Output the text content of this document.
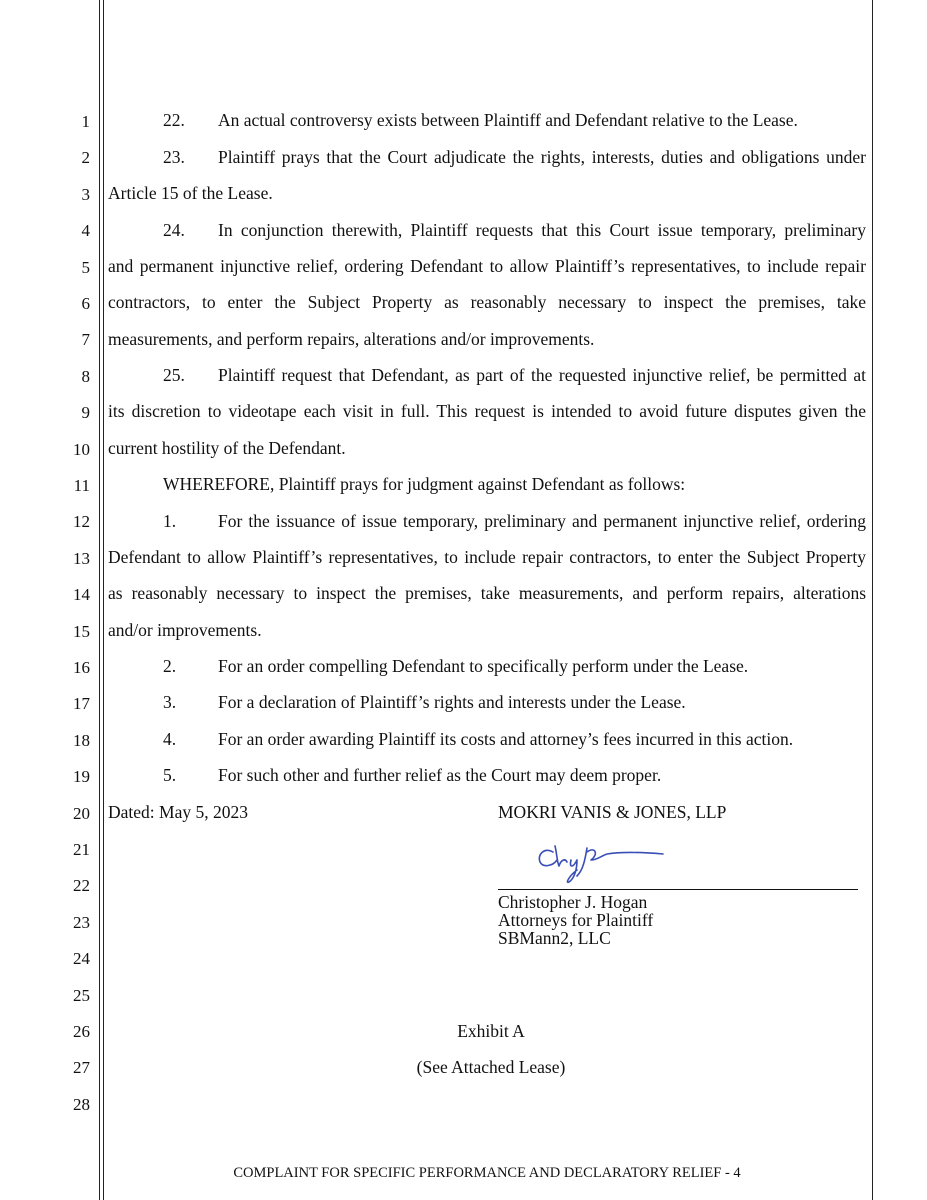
1
2
3
4
5
6
7
8
9
10
11
12
13
14
15
16
17
18
19
20
21
22
23
24
25
26
27
28
22. An actual controversy exists between Plaintiff and Defendant relative to the Lease.
23. Plaintiff prays that the Court adjudicate the rights, interests, duties and obligations under
Article 15 of the Lease.
24. In conjunction therewith, Plaintiff requests that this Court issue temporary, preliminary
and permanent injunctive relief, ordering Defendant to allow Plaintiff’s representatives, to include repair
contractors, to enter the Subject Property as reasonably necessary to inspect the premises, take
measurements, and perform repairs, alterations and/or improvements.
25. Plaintiff request that Defendant, as part of the requested injunctive relief, be permitted at
its discretion to videotape each visit in full. This request is intended to avoid future disputes given the
current hostility of the Defendant.
WHEREFORE, Plaintiff prays for judgment against Defendant as follows:
1. For the issuance of issue temporary, preliminary and permanent injunctive relief, ordering
Defendant to allow Plaintiff’s representatives, to include repair contractors, to enter the Subject Property
as reasonably necessary to inspect the premises, take measurements, and perform repairs, alterations
and/or improvements.
2. For an order compelling Defendant to specifically perform under the Lease.
3. For a declaration of Plaintiff’s rights and interests under the Lease.
4. For an order awarding Plaintiff its costs and attorney’s fees incurred in this action.
5. For such other and further relief as the Court may deem proper.
Dated: May 5, 2023	MOKRI VANIS & JONES, LLP
Christopher J. Hogan
Attorneys for Plaintiff
SBMann2, LLC
Exhibit A
(See Attached Lease)
COMPLAINT FOR SPECIFIC PERFORMANCE AND DECLARATORY RELIEF - 4
